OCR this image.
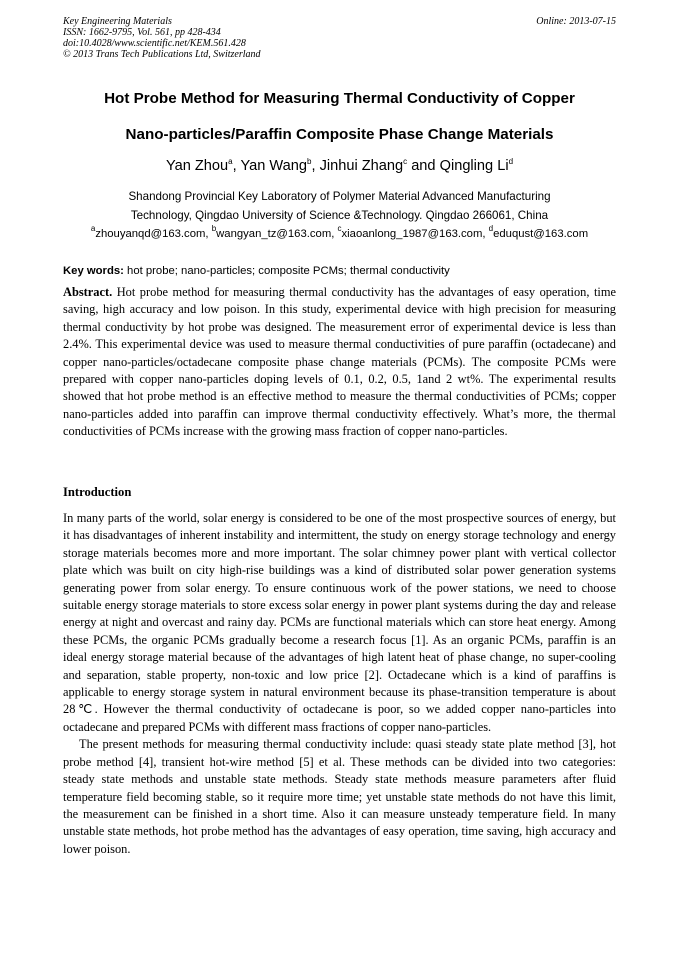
Key Engineering Materials
ISSN: 1662-9795, Vol. 561, pp 428-434
doi:10.4028/www.scientific.net/KEM.561.428
© 2013 Trans Tech Publications Ltd, Switzerland
Online: 2013-07-15
Hot Probe Method for Measuring Thermal Conductivity of Copper
Nano-particles/Paraffin Composite Phase Change Materials
Yan Zhou$^a$, Yan Wang$^b$, Jinhui Zhang$^c$ and Qingling Li$^d$
Shandong Provincial Key Laboratory of Polymer Material Advanced Manufacturing
Technology, Qingdao University of Science &Technology. Qingdao 266061, China
$^a$zhouyanqd@163.com, $^b$wangyan_tz@163.com, $^c$xiaoanlong_1987@163.com, $^d$eduqust@163.com
Key words: hot probe; nano-particles; composite PCMs; thermal conductivity
Abstract. Hot probe method for measuring thermal conductivity has the advantages of easy operation, time saving, high accuracy and low poison. In this study, experimental device with high precision for measuring thermal conductivity by hot probe was designed. The measurement error of experimental device is less than 2.4%. This experimental device was used to measure thermal conductivities of pure paraffin (octadecane) and copper nano-particles/octadecane composite phase change materials (PCMs). The composite PCMs were prepared with copper nano-particles doping levels of 0.1, 0.2, 0.5, 1and 2 wt%. The experimental results showed that hot probe method is an effective method to measure the thermal conductivities of PCMs; copper nano-particles added into paraffin can improve thermal conductivity effectively. What’s more, the thermal conductivities of PCMs increase with the growing mass fraction of copper nano-particles.
Introduction

In many parts of the world, solar energy is considered to be one of the most prospective sources of energy, but it has disadvantages of inherent instability and intermittent, the study on energy storage technology and energy storage materials becomes more and more important. The solar chimney power plant with vertical collector plate which was built on city high-rise buildings was a kind of distributed solar power generation systems generating power from solar energy. To ensure continuous work of the power stations, we need to choose suitable energy storage materials to store excess solar energy in power plant systems during the day and release energy at night and overcast and rainy day. PCMs are functional materials which can store heat energy. Among these PCMs, the organic PCMs gradually become a research focus [1]. As an organic PCMs, paraffin is an ideal energy storage material because of the advantages of high latent heat of phase change, no super-cooling and separation, stable property, non-toxic and low price [2]. Octadecane which is a kind of paraffins is applicable to energy storage system in natural environment because its phase-transition temperature is about 28℃. However the thermal conductivity of octadecane is poor, so we added copper nano-particles into octadecane and prepared PCMs with different mass fractions of copper nano-particles.

The present methods for measuring thermal conductivity include: quasi steady state plate method [3], hot probe method [4], transient hot-wire method [5] et al. These methods can be divided into two categories: steady state methods and unstable state methods. Steady state methods measure parameters after fluid temperature field becoming stable, so it require more time; yet unstable state methods do not have this limit, the measurement can be finished in a short time. Also it can measure unsteady temperature field. In many unstable state methods, hot probe method has the advantages of easy operation, time saving, high accuracy and lower poison.
